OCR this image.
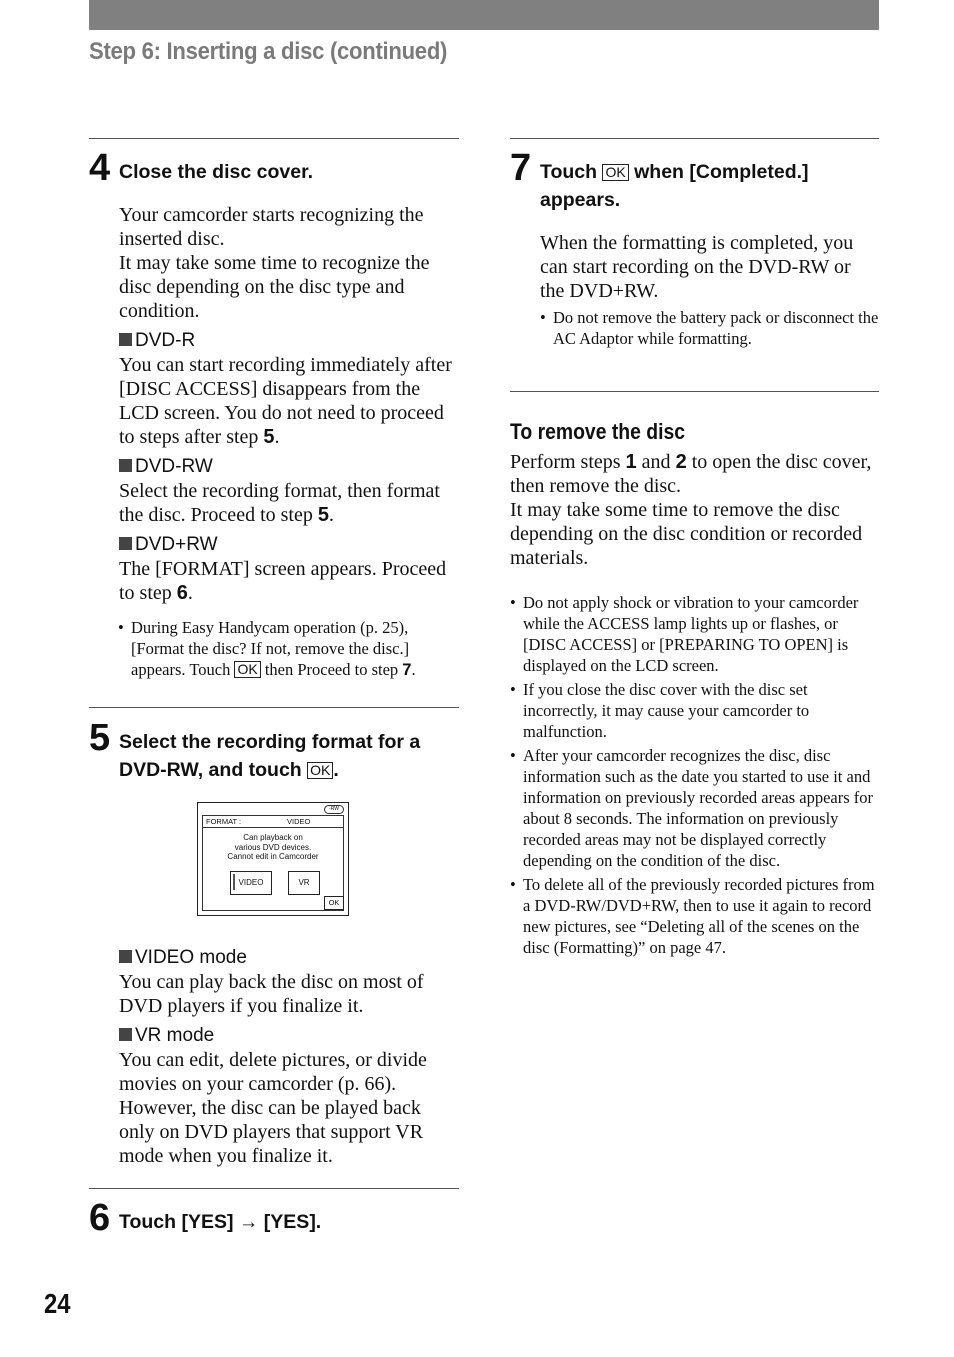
Step 6: Inserting a disc (continued)
4 Close the disc cover.
Your camcorder starts recognizing the inserted disc.
It may take some time to recognize the disc depending on the disc type and condition.
DVD-R
You can start recording immediately after [DISC ACCESS] disappears from the LCD screen. You do not need to proceed to steps after step 5.
DVD-RW
Select the recording format, then format the disc. Proceed to step 5.
DVD+RW
The [FORMAT] screen appears. Proceed to step 6.
• During Easy Handycam operation (p. 25), [Format the disc? If not, remove the disc.] appears. Touch OK then Proceed to step 7.
5 Select the recording format for a DVD-RW, and touch OK .
VIDEO mode
You can play back the disc on most of DVD players if you finalize it.
VR mode
You can edit, delete pictures, or divide movies on your camcorder (p. 66). However, the disc can be played back only on DVD players that support VR mode when you finalize it.
6 Touch [YES] → [YES].
-RW
FORMAT :	VIDEO
Can playback on
various DVD devices.
Cannot edit in Camcorder
VIDEO	VR
OK
7 Touch OK when [Completed.] appears.
When the formatting is completed, you can start recording on the DVD-RW or the DVD+RW.
• Do not remove the battery pack or disconnect the AC Adaptor while formatting.
To remove the disc
Perform steps 1 and 2 to open the disc cover, then remove the disc.
It may take some time to remove the disc depending on the disc condition or recorded materials.
• Do not apply shock or vibration to your camcorder while the ACCESS lamp lights up or flashes, or [DISC ACCESS] or [PREPARING TO OPEN] is displayed on the LCD screen.
• If you close the disc cover with the disc set incorrectly, it may cause your camcorder to malfunction.
• After your camcorder recognizes the disc, disc information such as the date you started to use it and information on previously recorded areas appears for about 8 seconds. The information on previously recorded areas may not be displayed correctly depending on the condition of the disc.
• To delete all of the previously recorded pictures from a DVD-RW/DVD+RW, then to use it again to record new pictures, see “Deleting all of the scenes on the disc (Formatting)” on page 47.
24
